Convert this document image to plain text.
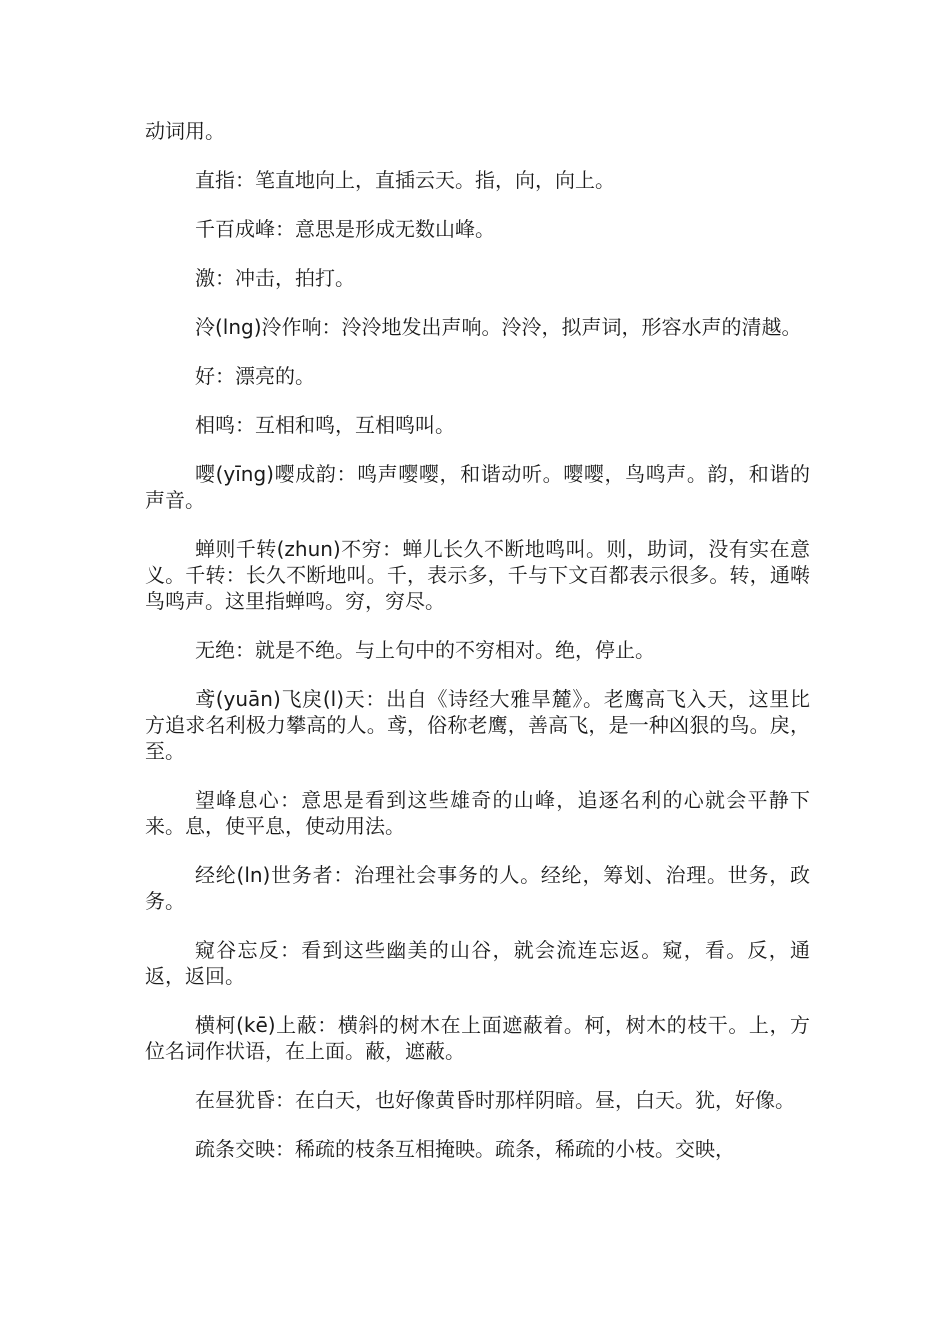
动词用。

直指：笔直地向上，直插云天。指，向，向上。

千百成峰：意思是形成无数山峰。

激：冲击，拍打。

泠(lng)泠作响：泠泠地发出声响。泠泠，拟声词，形容水声的清越。

好：漂亮的。

相鸣：互相和鸣，互相鸣叫。

嘤(yīng)嘤成韵：鸣声嘤嘤，和谐动听。嘤嘤，鸟鸣声。韵，和谐的声音。

蝉则千转(zhun)不穷：蝉儿长久不断地鸣叫。则，助词，没有实在意义。千转：长久不断地叫。千，表示多，千与下文百都表示很多。转，通啭鸟鸣声。这里指蝉鸣。穷，穷尽。

无绝：就是不绝。与上句中的不穷相对。绝，停止。

鸢(yuān)飞戾(l)天：出自《诗经大雅旱麓》。老鹰高飞入天，这里比方追求名利极力攀高的人。鸢，俗称老鹰，善高飞，是一种凶狠的鸟。戾，至。

望峰息心：意思是看到这些雄奇的山峰，追逐名利的心就会平静下来。息，使平息，使动用法。

经纶(ln)世务者：治理社会事务的人。经纶，筹划、治理。世务，政务。

窥谷忘反：看到这些幽美的山谷，就会流连忘返。窥，看。反，通返，返回。

横柯(kē)上蔽：横斜的树木在上面遮蔽着。柯，树木的枝干。上，方位名词作状语，在上面。蔽，遮蔽。

在昼犹昏：在白天，也好像黄昏时那样阴暗。昼，白天。犹，好像。

疏条交映：稀疏的枝条互相掩映。疏条，稀疏的小枝。交映，
